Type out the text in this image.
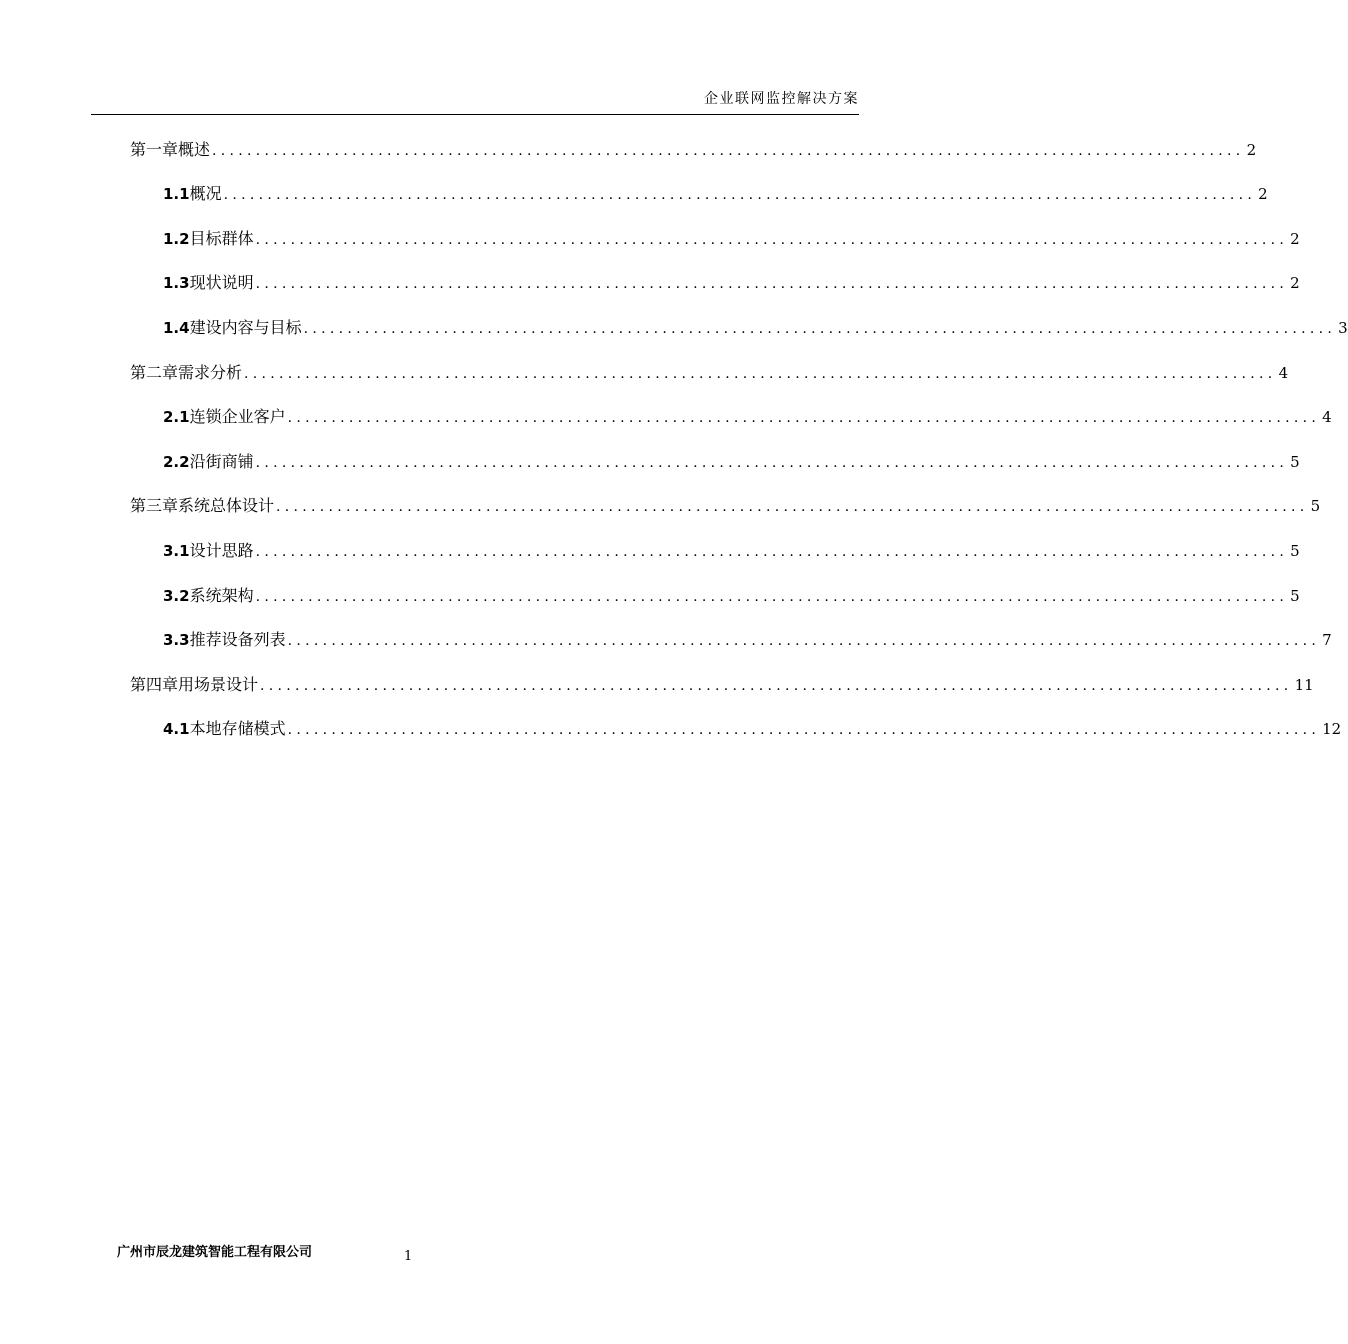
企业联网监控解决方案
第一章 概述 ...................................................................................................................... 2
1.1 概况 ...................................................................................................................... 2
1.2 目标群体 ...................................................................................................................... 2
1.3 现状说明 ...................................................................................................................... 2
1.4 建设内容与目标 ...................................................................................................................... 3
第二章 需求分析 ...................................................................................................................... 4
2.1 连锁企业客户 ...................................................................................................................... 4
2.2 沿街商铺 ...................................................................................................................... 5
第三章 系统总体设计 ...................................................................................................................... 5
3.1 设计思路 ...................................................................................................................... 5
3.2 系统架构 ...................................................................................................................... 5
3.3 推荐设备列表 ...................................................................................................................... 7
第四章 用场景设计 ...................................................................................................................... 11
4.1 本地存储模式 ...................................................................................................................... 12
广州市辰龙建筑智能工程有限公司	1
